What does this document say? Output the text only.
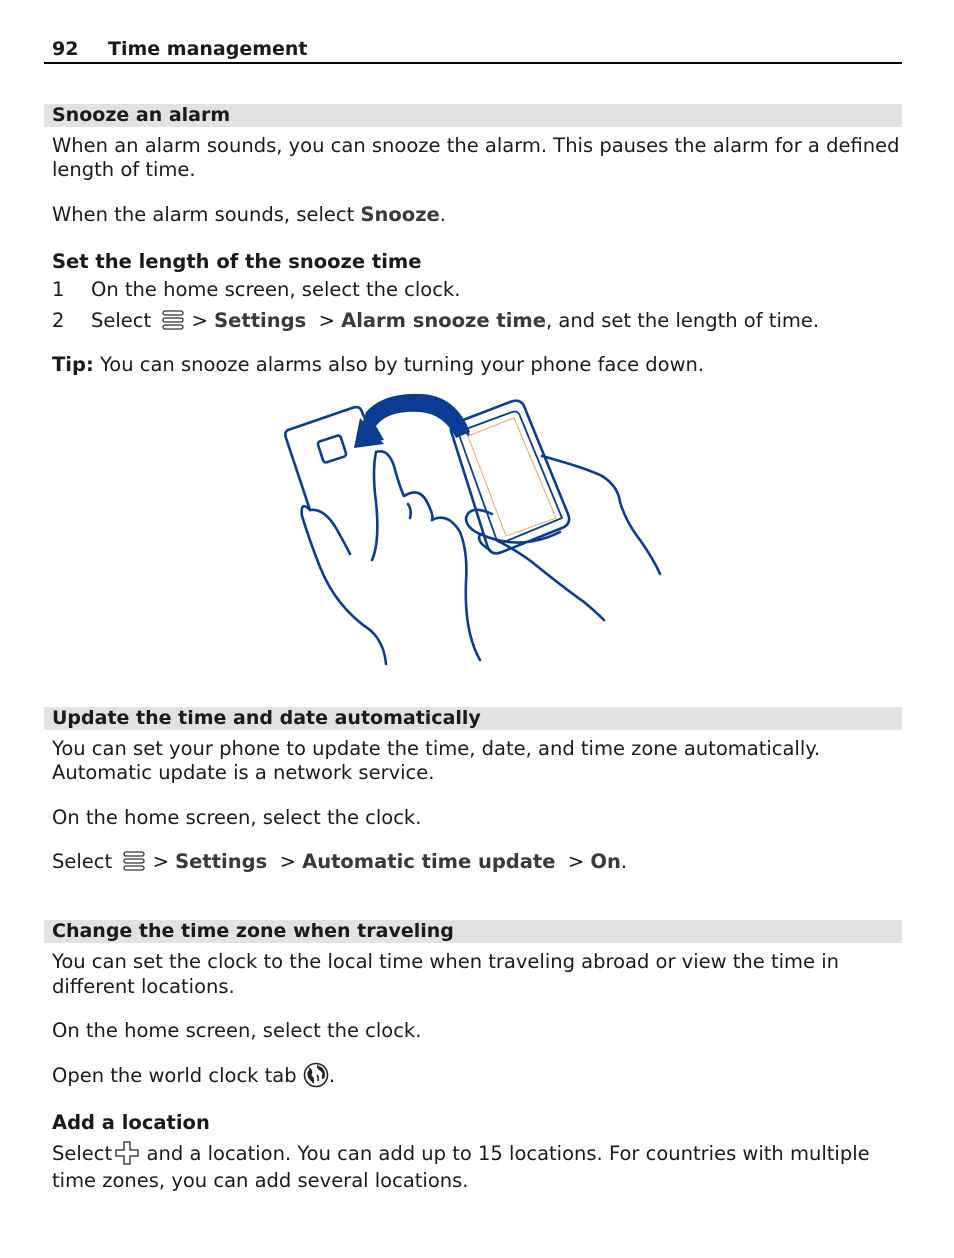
92 Time management
Snooze an alarm
When an alarm sounds, you can snooze the alarm. This pauses the alarm for a defined
length of time.
When the alarm sounds, select Snooze.
Set the length of the snooze time
1 On the home screen, select the clock.
2 Select  > Settings  > Alarm snooze time, and set the length of time.
Tip: You can snooze alarms also by turning your phone face down.
Update the time and date automatically
You can set your phone to update the time, date, and time zone automatically.
Automatic update is a network service.
On the home screen, select the clock.
Select  > Settings  > Automatic time update  > On.
Change the time zone when traveling
You can set the clock to the local time when traveling abroad or view the time in
different locations.
On the home screen, select the clock.
Open the world clock tab .
Add a location
Select  and a location. You can add up to 15 locations. For countries with multiple
time zones, you can add several locations.
